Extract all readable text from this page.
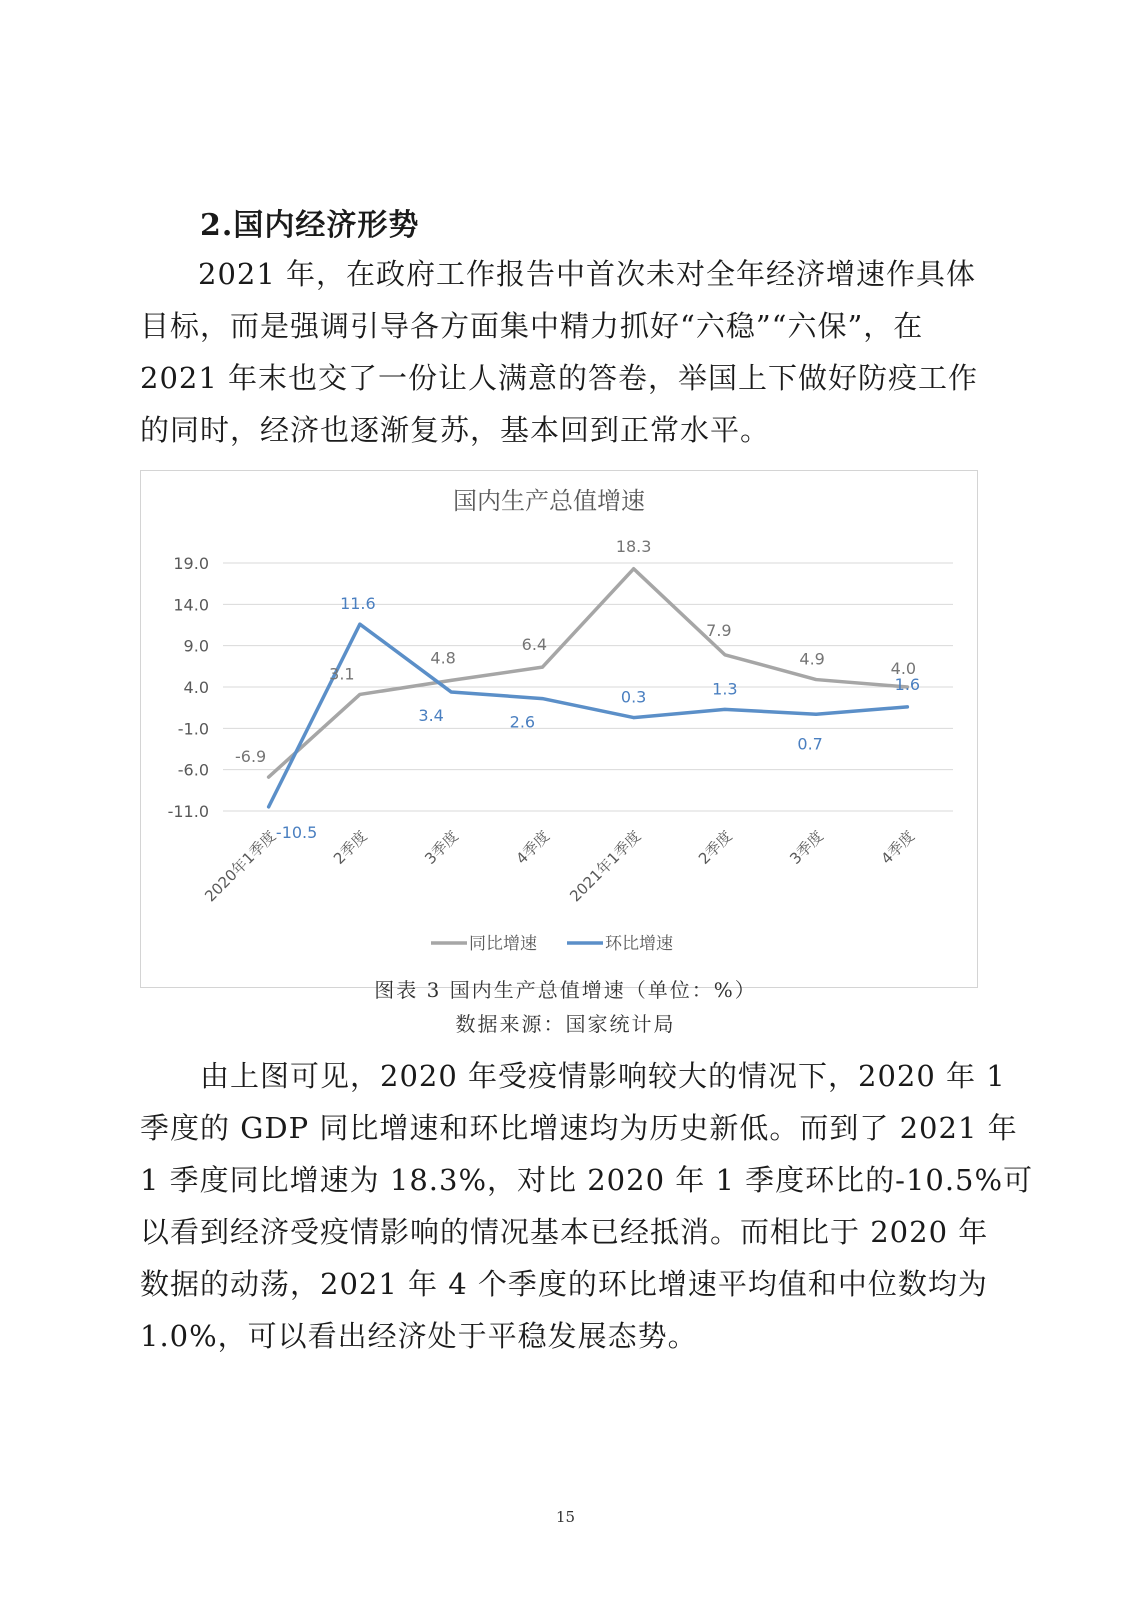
2.国内经济形势
2021 年，在政府工作报告中首次未对全年经济增速作具体
目标，而是强调引导各方面集中精力抓好“六稳”“六保”，在
2021 年末也交了一份让人满意的答卷，举国上下做好防疫工作
的同时，经济也逐渐复苏，基本回到正常水平。
国内生产总值增速
19.0
14.0
9.0
4.0
-1.0
-6.0
-11.0
2020年1季度	2季度	3季度	4季度 2021年1季度	2季度	3季度	4季度
-6.9
3.1
4.8
6.4
18.3
7.9
4.9	4.0
-10.5
11.6
3.4	2.6
0.3	1.3
0.7
1.6
同比增速	环比增速
图表 3 国内生产总值增速（单位：%）
数据来源：国家统计局
由上图可见，2020 年受疫情影响较大的情况下，2020 年 1
季度的 GDP 同比增速和环比增速均为历史新低。而到了 2021 年
1 季度同比增速为 18.3%，对比 2020 年 1 季度环比的-10.5%可
以看到经济受疫情影响的情况基本已经抵消。而相比于 2020 年
数据的动荡，2021 年 4 个季度的环比增速平均值和中位数均为
1.0%，可以看出经济处于平稳发展态势。
15
